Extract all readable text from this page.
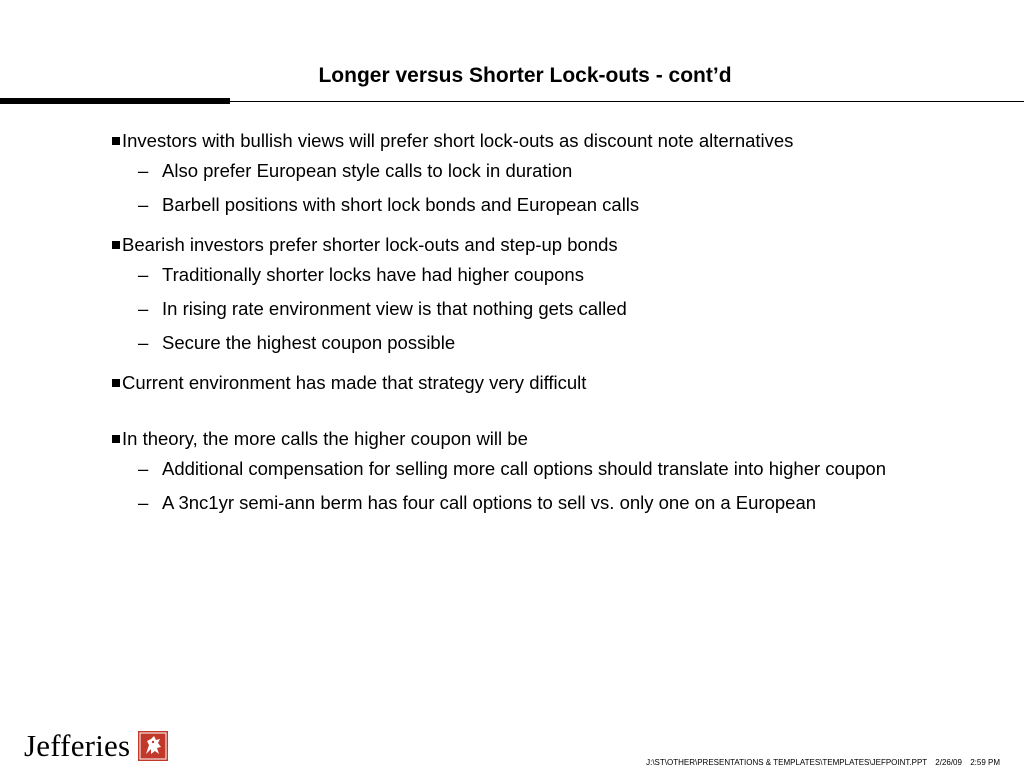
Longer versus Shorter Lock-outs - cont’d
Investors with bullish views will prefer short lock-outs as discount note alternatives
– Also prefer European style calls to lock in duration
– Barbell positions with short lock bonds and European calls
Bearish investors prefer shorter lock-outs and step-up bonds
– Traditionally shorter locks have had higher coupons
– In rising rate environment view is that nothing gets called
– Secure the highest coupon possible
Current environment has made that strategy very difficult
In theory, the more calls the higher coupon will be
– Additional compensation for selling more call options should translate into higher coupon
– A 3nc1yr semi-ann berm has four call options to sell vs. only one on a European
Jefferies	J:\ST\OTHER\PRESENTATIONS & TEMPLATES\TEMPLATES\JEFPOINT.PPT 2/26/09 2:59 PM
